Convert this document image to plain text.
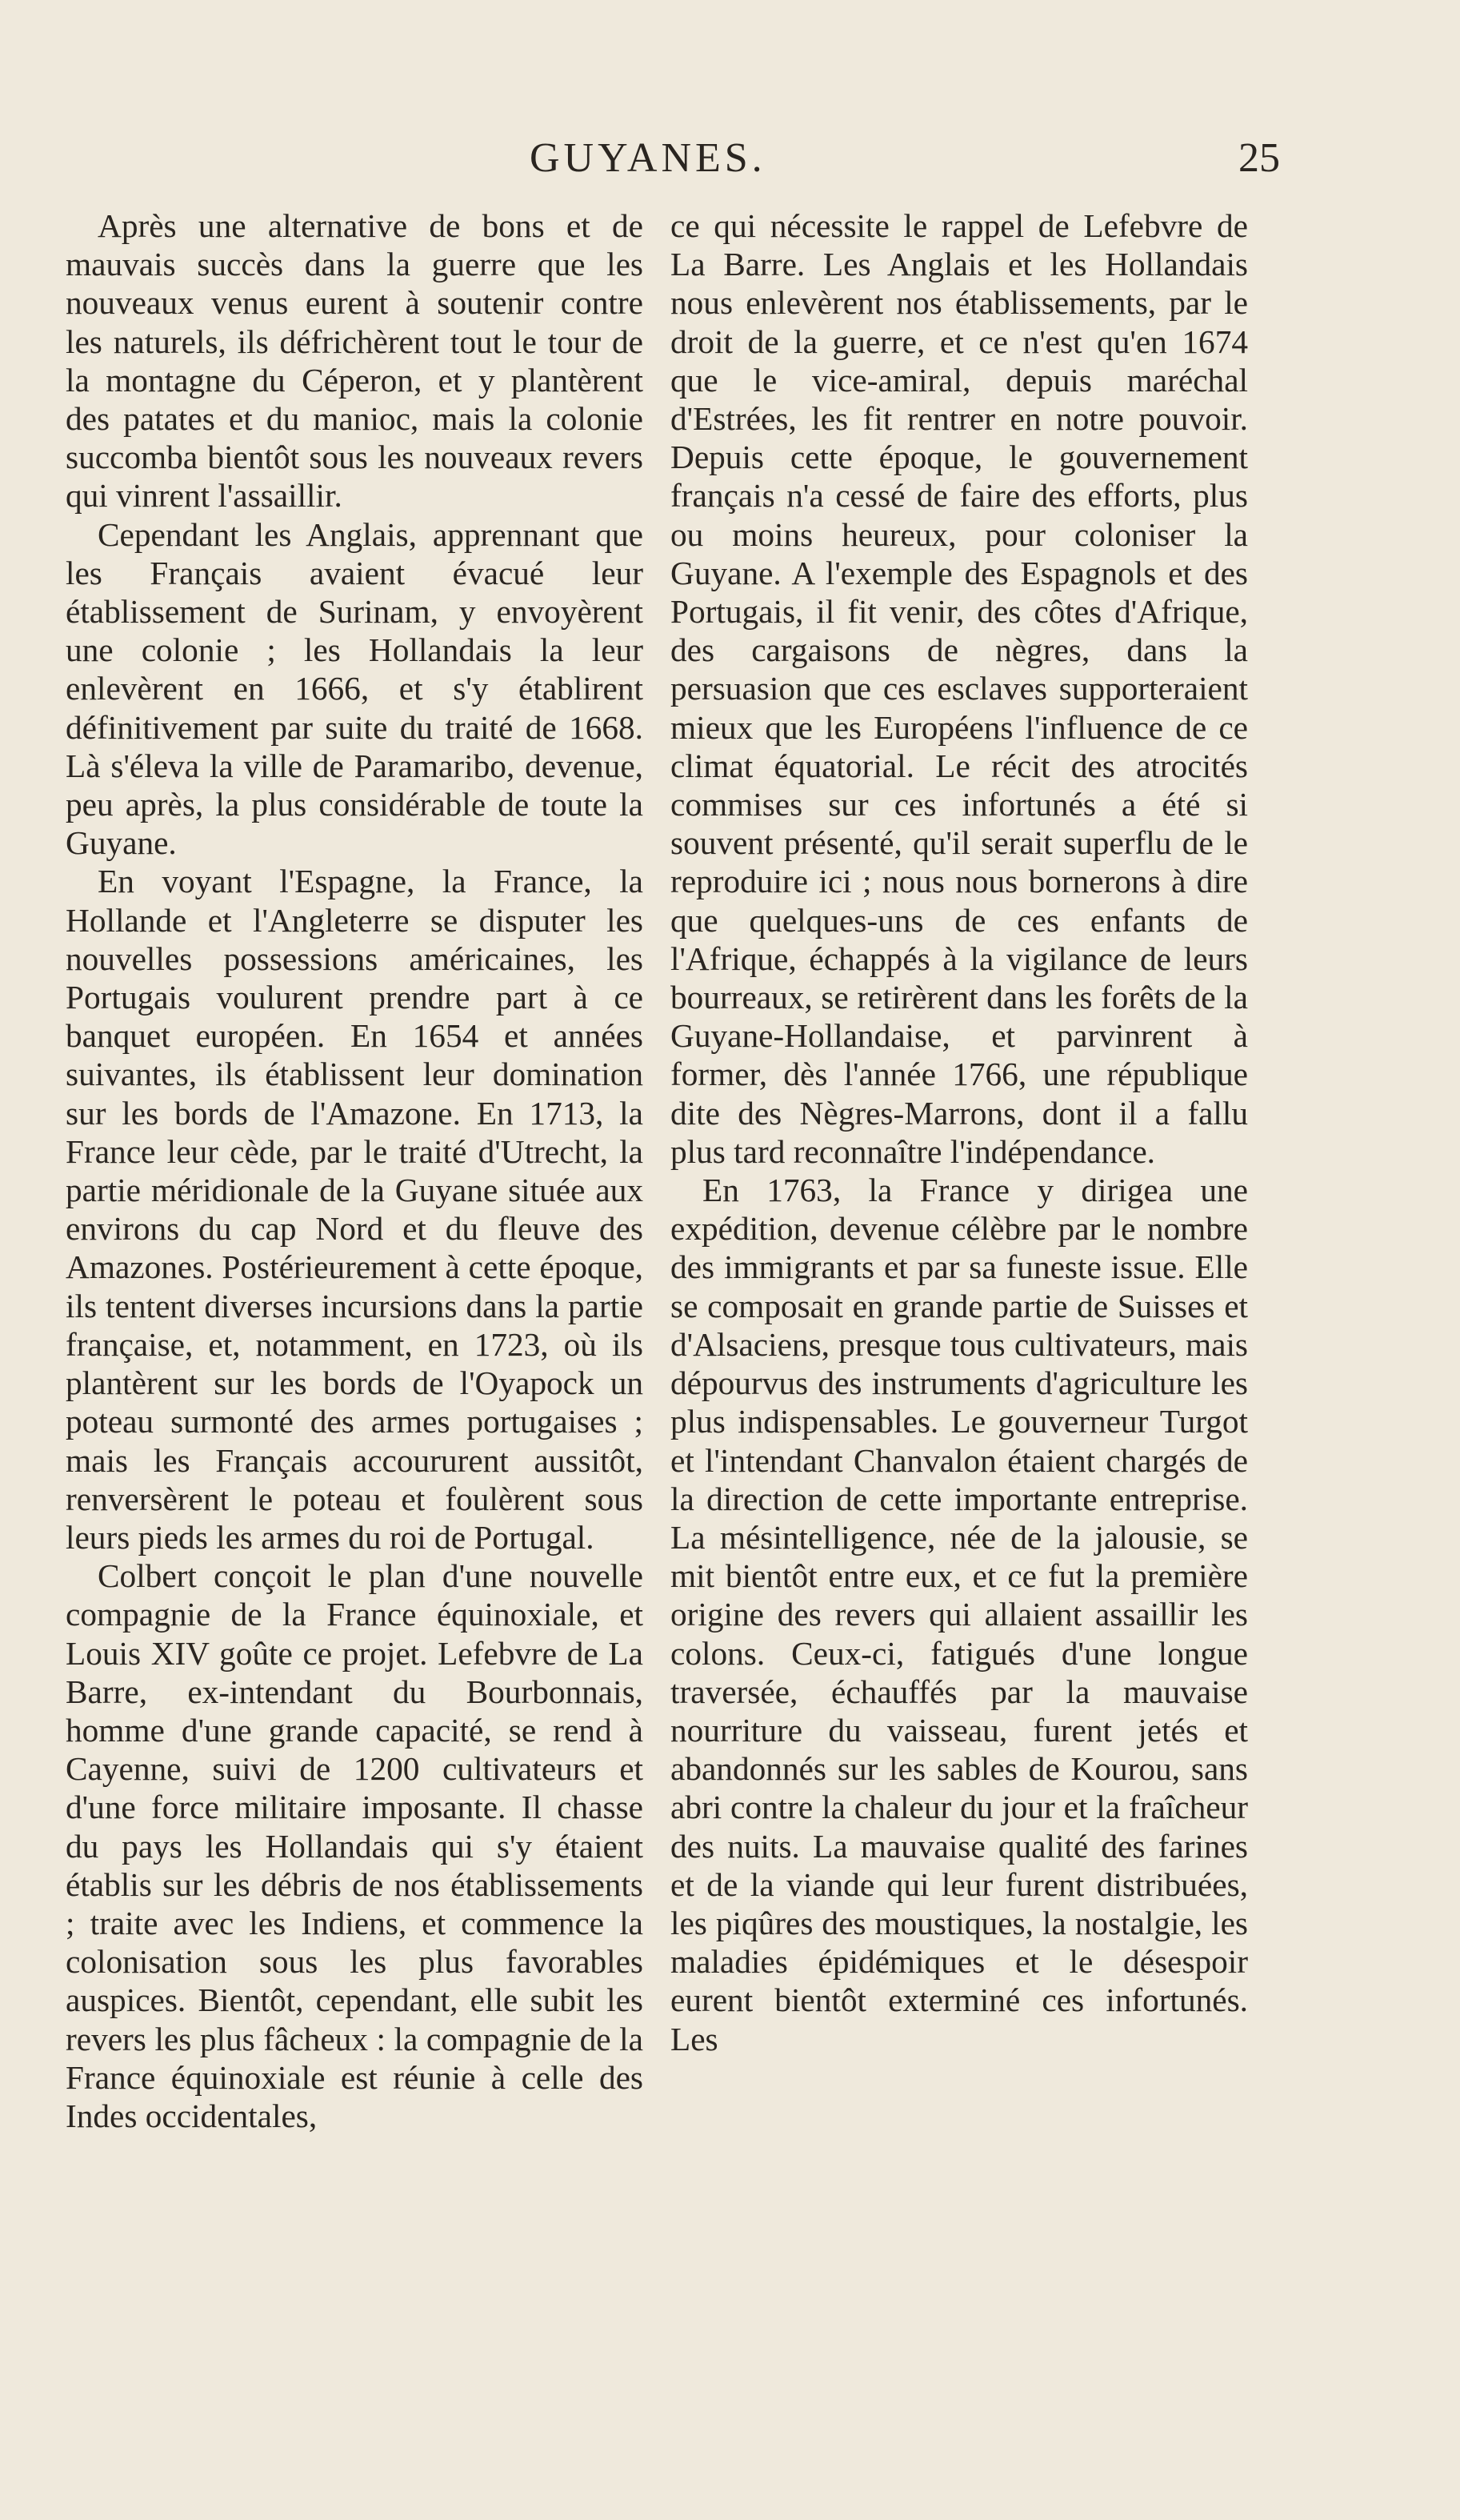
GUYANES.	25

Après une alternative de bons et de mauvais succès dans la guerre que les nouveaux venus eurent à soutenir contre les naturels, ils défrichèrent tout le tour de la montagne du Céperon, et y plantèrent des patates et du manioc, mais la colonie succomba bientôt sous les nouveaux revers qui vinrent l'assaillir.

Cependant les Anglais, apprennant que les Français avaient évacué leur établissement de Surinam, y envoyèrent une colonie ; les Hollandais la leur enlevèrent en 1666, et s'y établirent définitivement par suite du traité de 1668. Là s'éleva la ville de Paramaribo, devenue, peu après, la plus considérable de toute la Guyane.

En voyant l'Espagne, la France, la Hollande et l'Angleterre se disputer les nouvelles possessions américaines, les Portugais voulurent prendre part à ce banquet européen. En 1654 et années suivantes, ils établissent leur domination sur les bords de l'Amazone. En 1713, la France leur cède, par le traité d'Utrecht, la partie méridionale de la Guyane située aux environs du cap Nord et du fleuve des Amazones. Postérieurement à cette époque, ils tentent diverses incursions dans la partie française, et, notamment, en 1723, où ils plantèrent sur les bords de l'Oyapock un poteau surmonté des armes portugaises ; mais les Français accoururent aussitôt, renversèrent le poteau et foulèrent sous leurs pieds les armes du roi de Portugal.

Colbert conçoit le plan d'une nouvelle compagnie de la France équinoxiale, et Louis XIV goûte ce projet. Lefebvre de La Barre, ex-intendant du Bourbonnais, homme d'une grande capacité, se rend à Cayenne, suivi de 1200 cultivateurs et d'une force militaire imposante. Il chasse du pays les Hollandais qui s'y étaient établis sur les débris de nos établissements ; traite avec les Indiens, et commence la colonisation sous les plus favorables auspices. Bientôt, cependant, elle subit les revers les plus fâcheux : la compagnie de la France équinoxiale est réunie à celle des Indes occidentales,

ce qui nécessite le rappel de Lefebvre de La Barre. Les Anglais et les Hollandais nous enlevèrent nos établissements, par le droit de la guerre, et ce n'est qu'en 1674 que le vice-amiral, depuis maréchal d'Estrées, les fit rentrer en notre pouvoir. Depuis cette époque, le gouvernement français n'a cessé de faire des efforts, plus ou moins heureux, pour coloniser la Guyane. A l'exemple des Espagnols et des Portugais, il fit venir, des côtes d'Afrique, des cargaisons de nègres, dans la persuasion que ces esclaves supporteraient mieux que les Européens l'influence de ce climat équatorial. Le récit des atrocités commises sur ces infortunés a été si souvent présenté, qu'il serait superflu de le reproduire ici ; nous nous bornerons à dire que quelques-uns de ces enfants de l'Afrique, échappés à la vigilance de leurs bourreaux, se retirèrent dans les forêts de la Guyane-Hollandaise, et parvinrent à former, dès l'année 1766, une république dite des Nègres-Marrons, dont il a fallu plus tard reconnaître l'indépendance.

En 1763, la France y dirigea une expédition, devenue célèbre par le nombre des immigrants et par sa funeste issue. Elle se composait en grande partie de Suisses et d'Alsaciens, presque tous cultivateurs, mais dépourvus des instruments d'agriculture les plus indispensables. Le gouverneur Turgot et l'intendant Chanvalon étaient chargés de la direction de cette importante entreprise. La mésintelligence, née de la jalousie, se mit bientôt entre eux, et ce fut la première origine des revers qui allaient assaillir les colons. Ceux-ci, fatigués d'une longue traversée, échauffés par la mauvaise nourriture du vaisseau, furent jetés et abandonnés sur les sables de Kourou, sans abri contre la chaleur du jour et la fraîcheur des nuits. La mauvaise qualité des farines et de la viande qui leur furent distribuées, les piqûres des moustiques, la nostalgie, les maladies épidémiques et le désespoir eurent bientôt exterminé ces infortunés. Les
